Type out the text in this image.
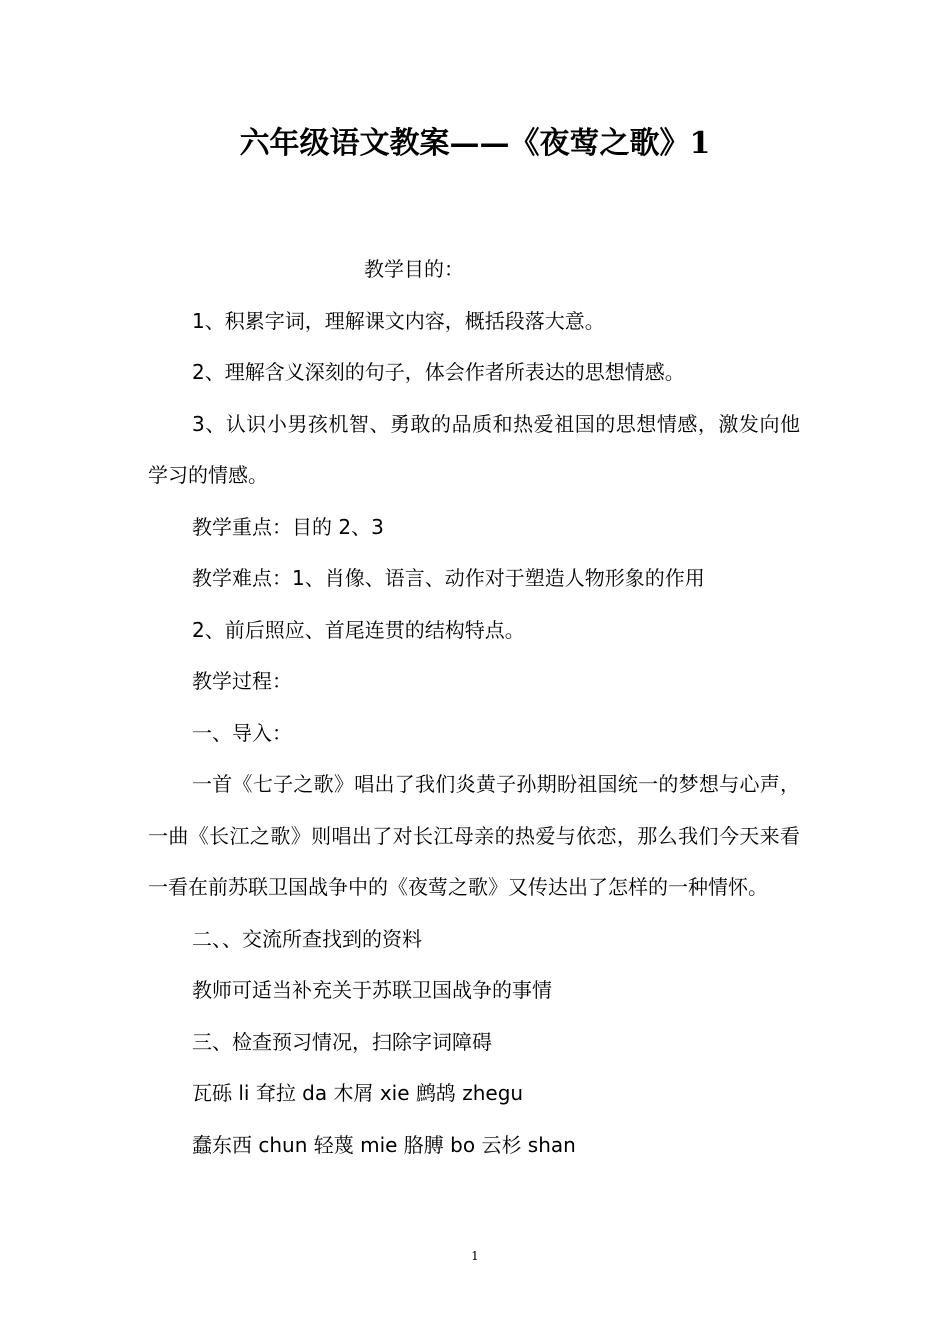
六年级语文教案——《夜莺之歌》1

教学目的：

1、积累字词，理解课文内容，概括段落大意。

2、理解含义深刻的句子，体会作者所表达的思想情感。

3、认识小男孩机智、勇敢的品质和热爱祖国的思想情感，激发向他学习的情感。

教学重点：目的 2、3

教学难点：1、肖像、语言、动作对于塑造人物形象的作用

2、前后照应、首尾连贯的结构特点。

教学过程：

一、导入：

一首《七子之歌》唱出了我们炎黄子孙期盼祖国统一的梦想与心声，一曲《长江之歌》则唱出了对长江母亲的热爱与依恋，那么我们今天来看一看在前苏联卫国战争中的《夜莺之歌》又传达出了怎样的一种情怀。

二、、交流所查找到的资料

教师可适当补充关于苏联卫国战争的事情

三、检查预习情况，扫除字词障碍

瓦砾 li 耷拉 da 木屑 xie 鹧鸪 zhegu

蠢东西 chun 轻蔑 mie 胳膊 bo 云杉 shan

1
